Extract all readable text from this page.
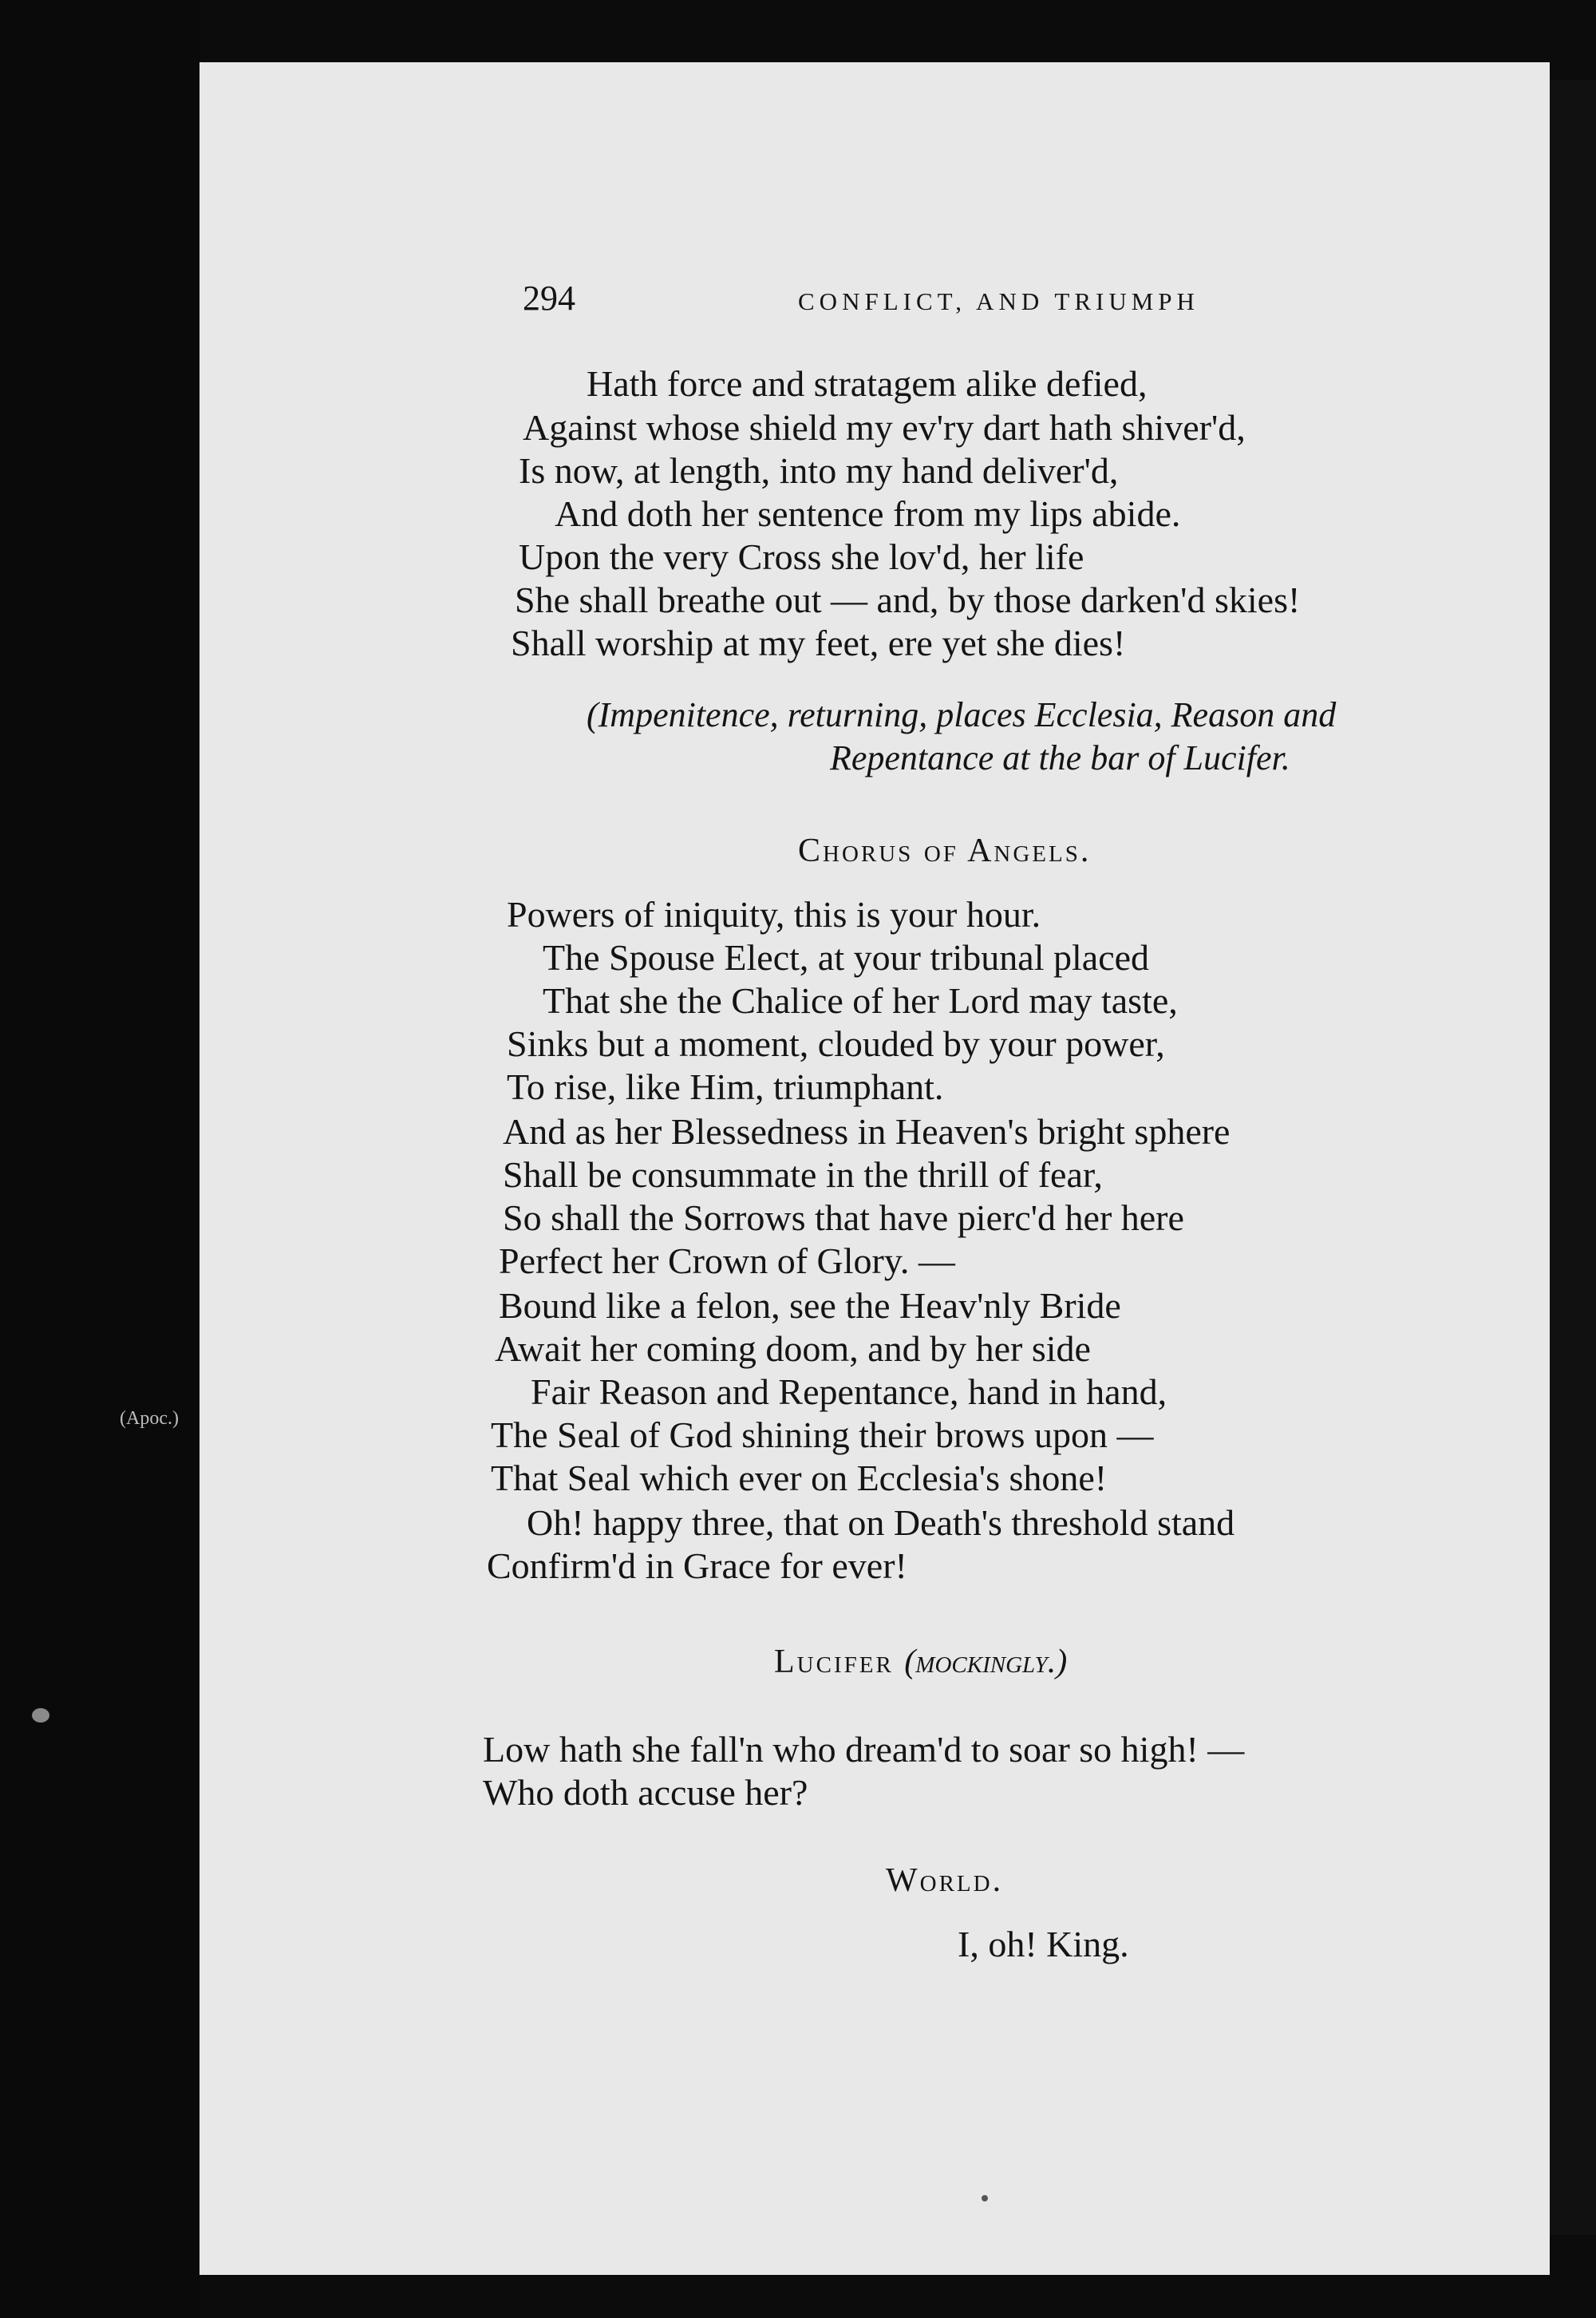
294	CONFLICT, AND TRIUMPH
Hath force and stratagem alike defied,
Against whose shield my ev'ry dart hath shiver'd,
Is now, at length, into my hand deliver'd,
And doth her sentence from my lips abide.
Upon the very Cross she lov'd, her life
She shall breathe out — and, by those darken'd skies!
Shall worship at my feet, ere yet she dies!
(Impenitence, returning, places Ecclesia, Reason and
Repentance at the bar of Lucifer.
Chorus of Angels.
Powers of iniquity, this is your hour.
The Spouse Elect, at your tribunal placed
That she the Chalice of her Lord may taste,
Sinks but a moment, clouded by your power,
To rise, like Him, triumphant.
And as her Blessedness in Heaven's bright sphere
Shall be consummate in the thrill of fear,
So shall the Sorrows that have pierc'd her here
Perfect her Crown of Glory. —
Bound like a felon, see the Heav'nly Bride
Await her coming doom, and by her side
Fair Reason and Repentance, hand in hand,
The Seal of God shining their brows upon —
That Seal which ever on Ecclesia's shone!
Oh! happy three, that on Death's threshold stand
Confirm'd in Grace for ever!
Lucifer (mockingly.)
Low hath she fall'n who dream'd to soar so high! —
Who doth accuse her?
World.
I, oh! King.
(Apoc.)
